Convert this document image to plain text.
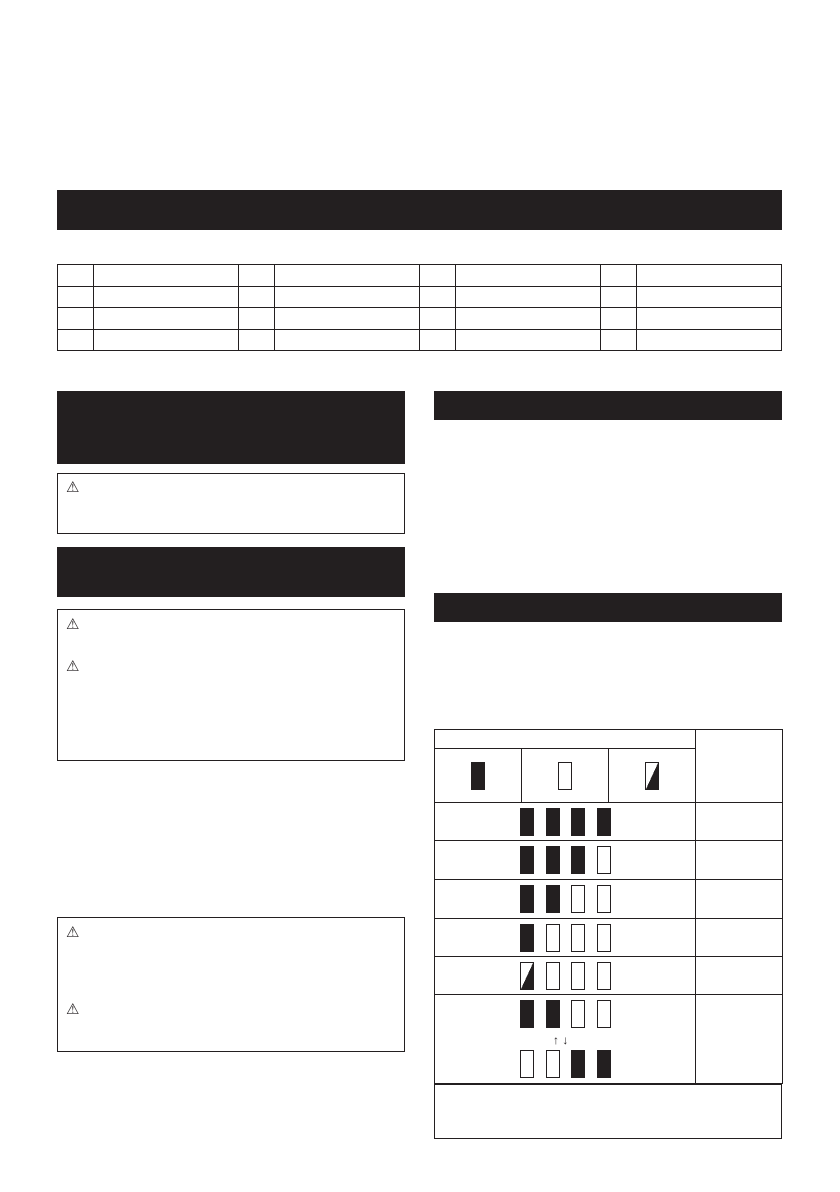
⚠
⚠
⚠
⚠
⚠

↑ ↓			
